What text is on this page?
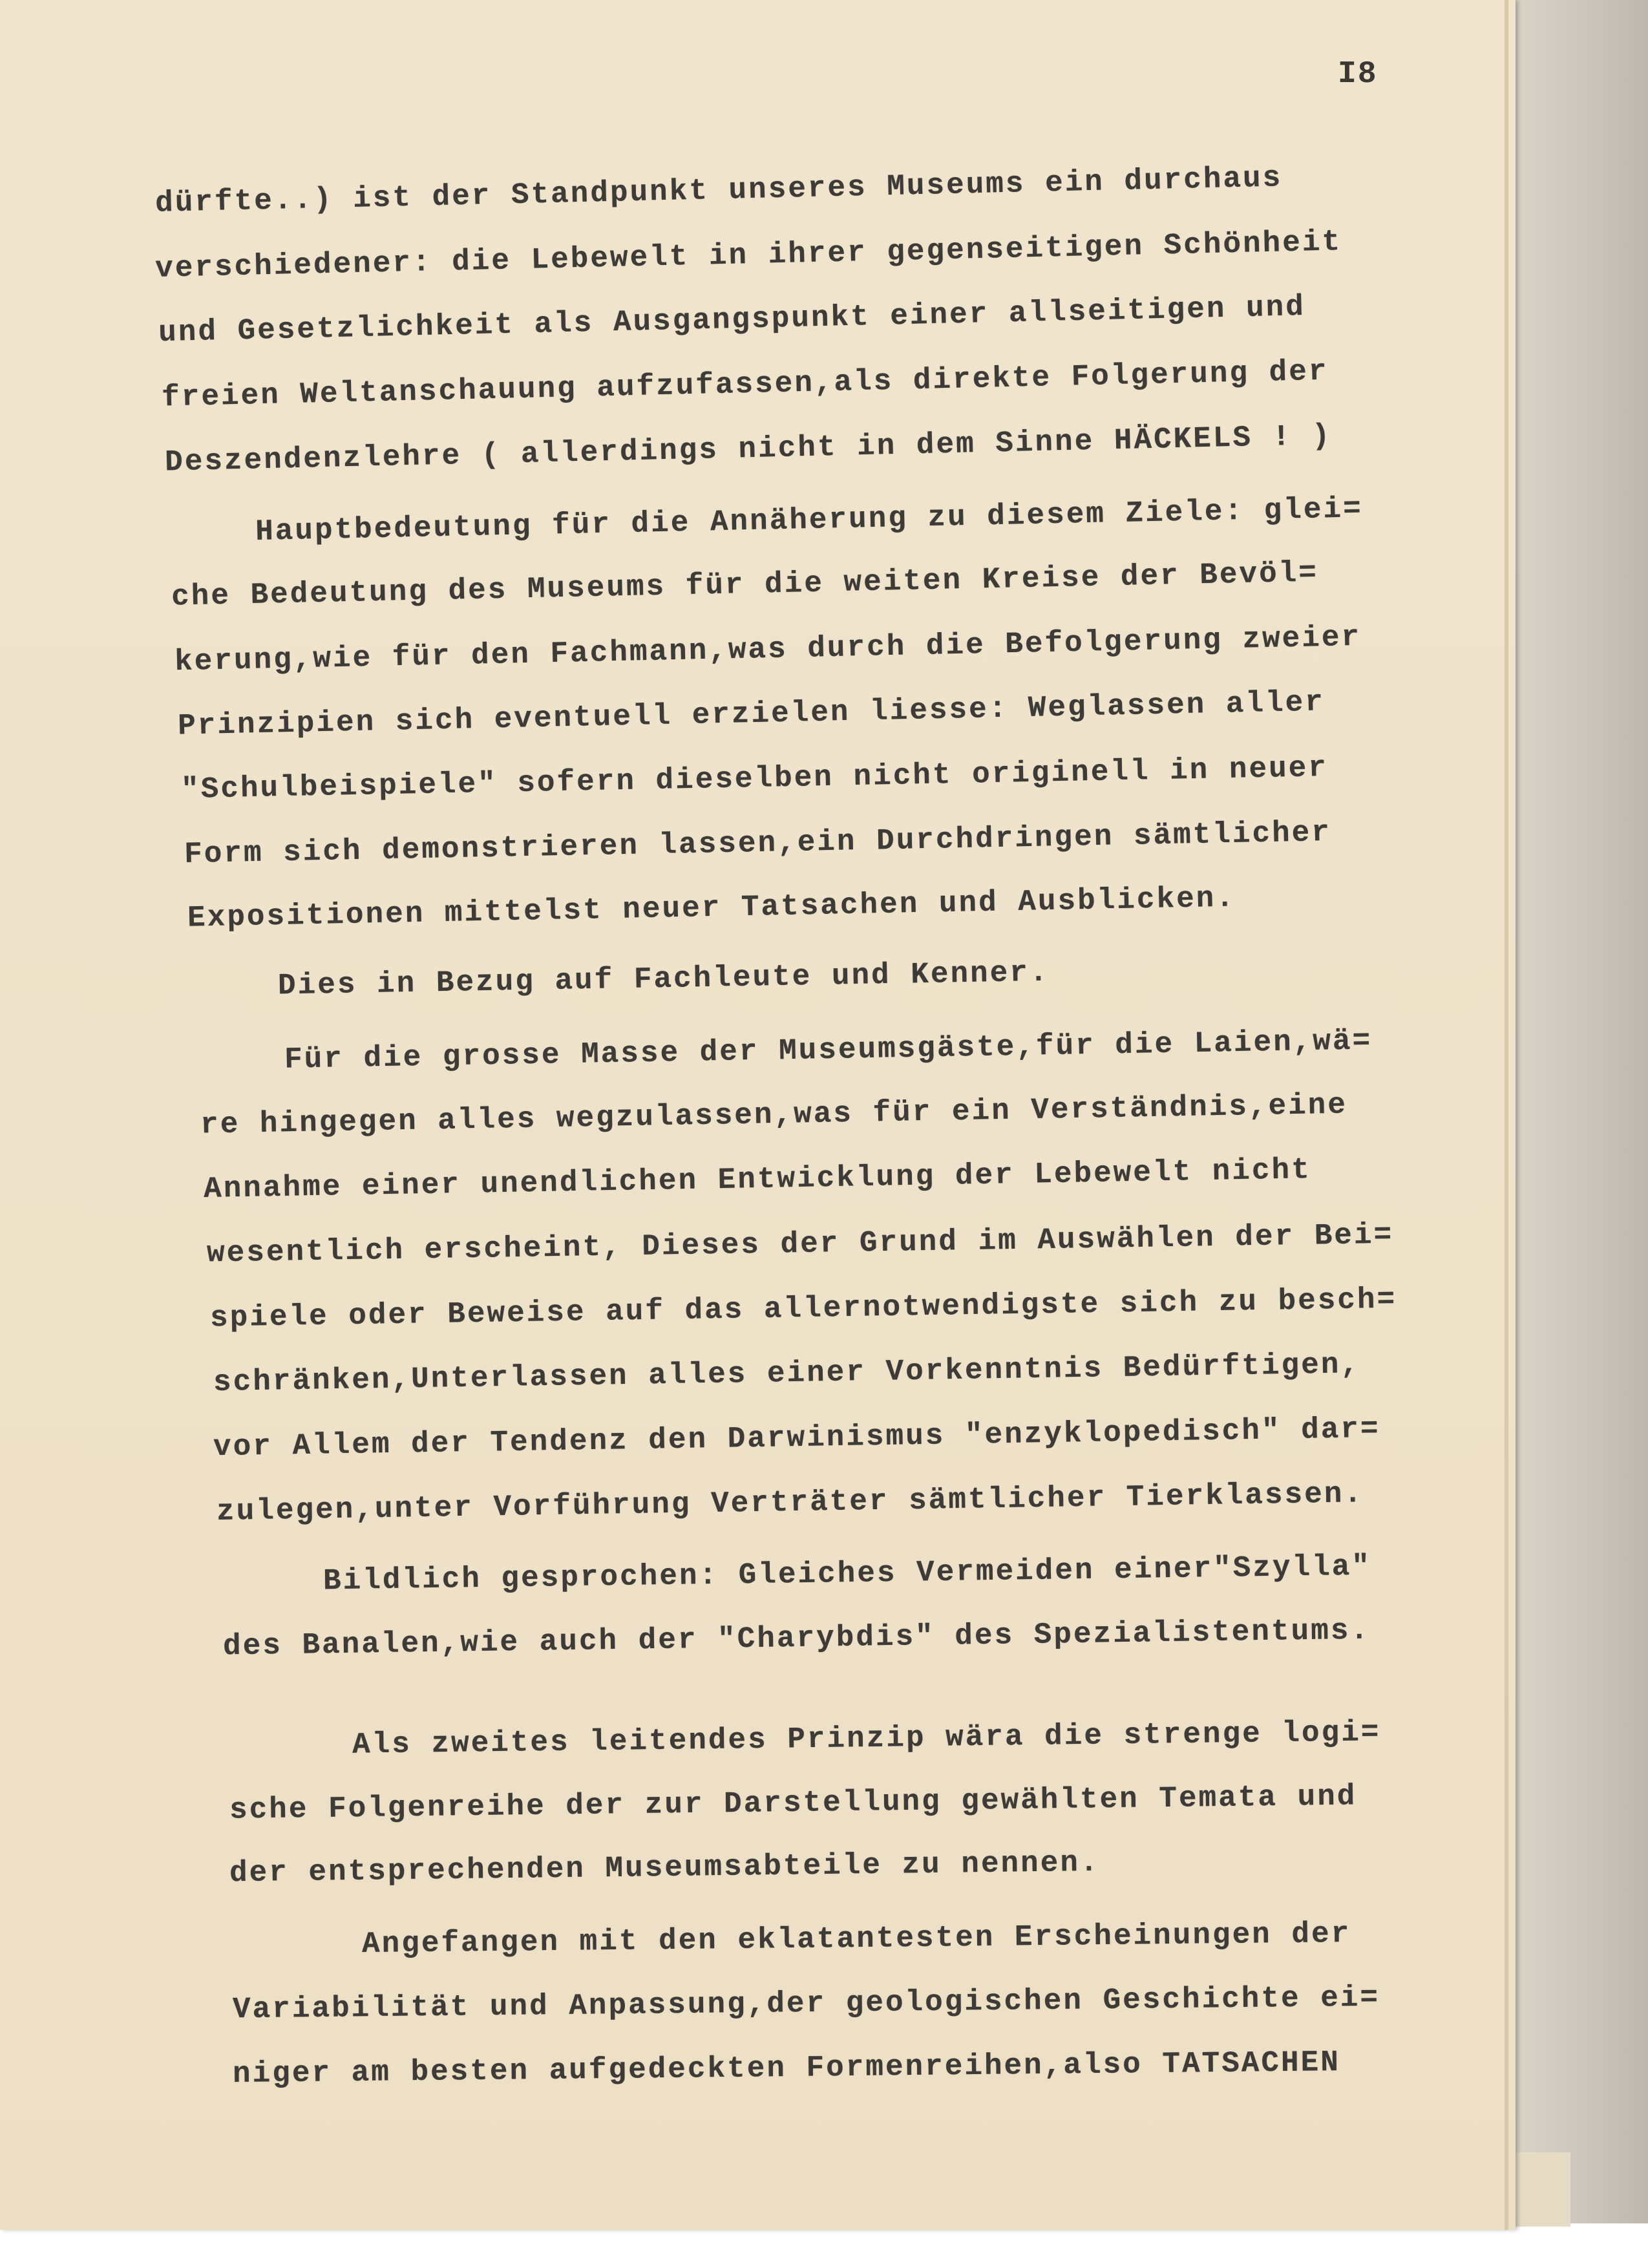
I8
dürfte..) ist der Standpunkt unseres Museums ein durchaus
verschiedener: die Lebewelt in ihrer gegenseitigen Schönheit
und Gesetzlichkeit als Ausgangspunkt einer allseitigen und
freien Weltanschauung aufzufassen,als direkte Folgerung der
Deszendenzlehre ( allerdings nicht in dem Sinne HÄCKELS ! )
Hauptbedeutung für die Annäherung zu diesem Ziele: glei=
che Bedeutung des Museums für die weiten Kreise der Bevöl=
kerung,wie für den Fachmann,was durch die Befolgerung zweier
Prinzipien sich eventuell erzielen liesse: Weglassen aller
"Schulbeispiele" sofern dieselben nicht originell in neuer
Form sich demonstrieren lassen,ein Durchdringen sämtlicher
Expositionen mittelst neuer Tatsachen und Ausblicken.
Dies in Bezug auf Fachleute und Kenner.
Für die grosse Masse der Museumsgäste,für die Laien,wä=
re hingegen alles wegzulassen,was für ein Verständnis,eine
Annahme einer unendlichen Entwicklung der Lebewelt nicht
wesentlich erscheint, Dieses der Grund im Auswählen der Bei=
spiele oder Beweise auf das allernotwendigste sich zu besch=
schränken,Unterlassen alles einer Vorkenntnis Bedürftigen,
vor Allem der Tendenz den Darwinismus "enzyklopedisch" dar=
zulegen,unter Vorführung Verträter sämtlicher Tierklassen.
Bildlich gesprochen: Gleiches Vermeiden einer"Szylla"
des Banalen,wie auch der "Charybdis" des Spezialistentums.
Als zweites leitendes Prinzip wära die strenge logi=
sche Folgenreihe der zur Darstellung gewählten Temata und
der entsprechenden Museumsabteile zu nennen.
Angefangen mit den eklatantesten Erscheinungen der
Variabilität und Anpassung,der geologischen Geschichte ei=
niger am besten aufgedeckten Formenreihen,also TATSACHEN
